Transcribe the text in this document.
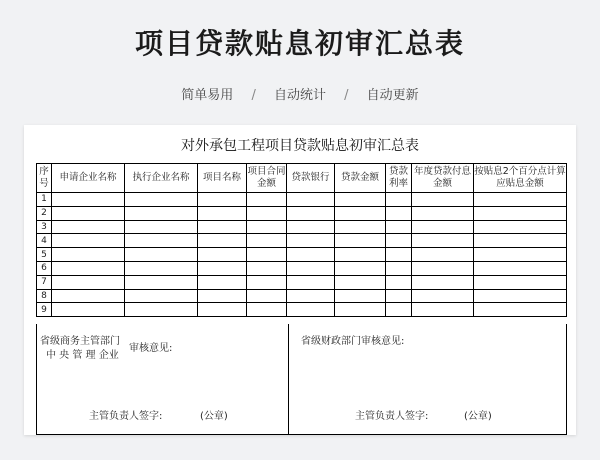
项目贷款贴息初审汇总表
简单易用 / 自动统计 / 自动更新
对外承包工程项目贷款贴息初审汇总表
序号	申请企业名称	执行企业名称	项目名称	项目合同金额	贷款银行	贷款金额	贷款利率	年度贷款付息金额	按贴息2个百分点计算应贴息金额
1									
2									
3									
4									
5									
6									
7									
8									
9									
省级商务主管部门
中 央 管 理 企业
审核意见:
主管负责人签字:	(公章)

省级财政部门审核意见:
主管负责人签字:	(公章)
